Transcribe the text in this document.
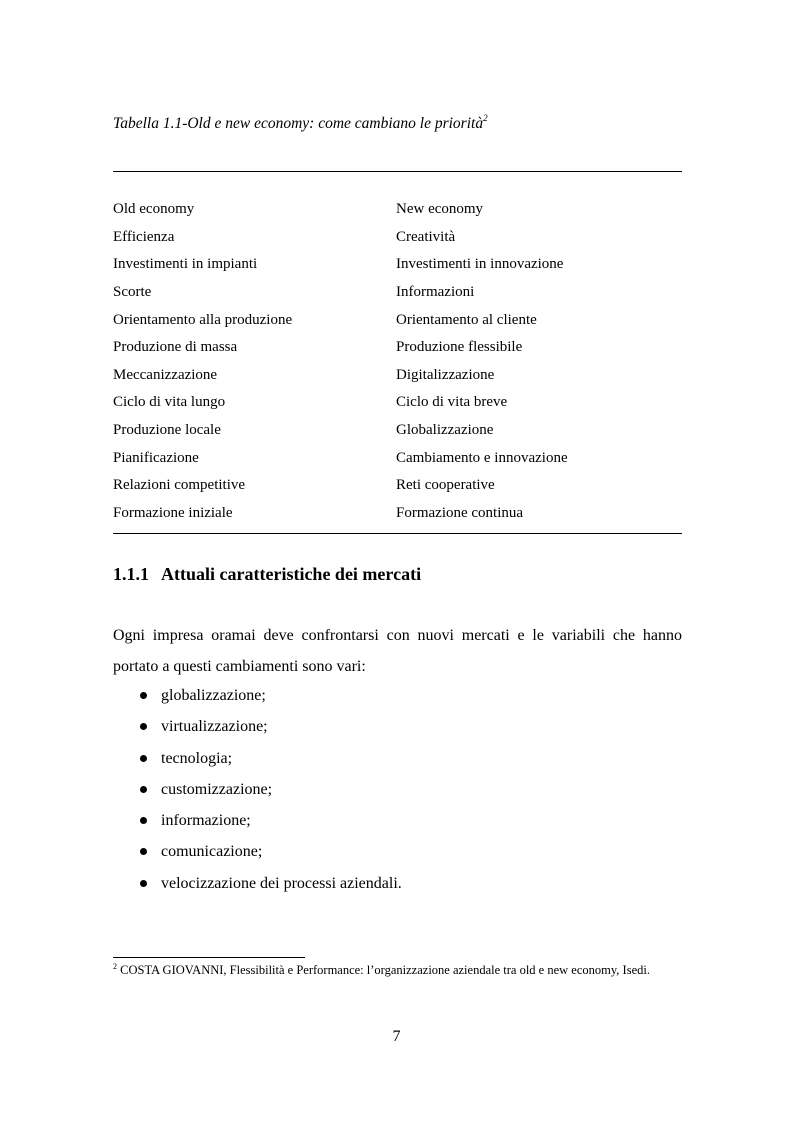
Tabella 1.1-Old e new economy: come cambiano le priorità$^2$
Old economy	New economy
Efficienza	Creatività
Investimenti in impianti	Investimenti in innovazione
Scorte	Informazioni
Orientamento alla produzione	Orientamento al cliente
Produzione di massa	Produzione flessibile
Meccanizzazione	Digitalizzazione
Ciclo di vita lungo	Ciclo di vita breve
Produzione locale	Globalizzazione
Pianificazione	Cambiamento e innovazione
Relazioni competitive	Reti cooperative
Formazione iniziale	Formazione continua
1.1.1 Attuali caratteristiche dei mercati
Ogni impresa oramai deve confrontarsi con nuovi mercati e le variabili che hanno portato a questi cambiamenti sono vari:
globalizzazione;
virtualizzazione;
tecnologia;
customizzazione;
informazione;
comunicazione;
velocizzazione dei processi aziendali.
$^2$ COSTA GIOVANNI, Flessibilità e Performance: l’organizzazione aziendale tra old e new economy, Isedi.
7
